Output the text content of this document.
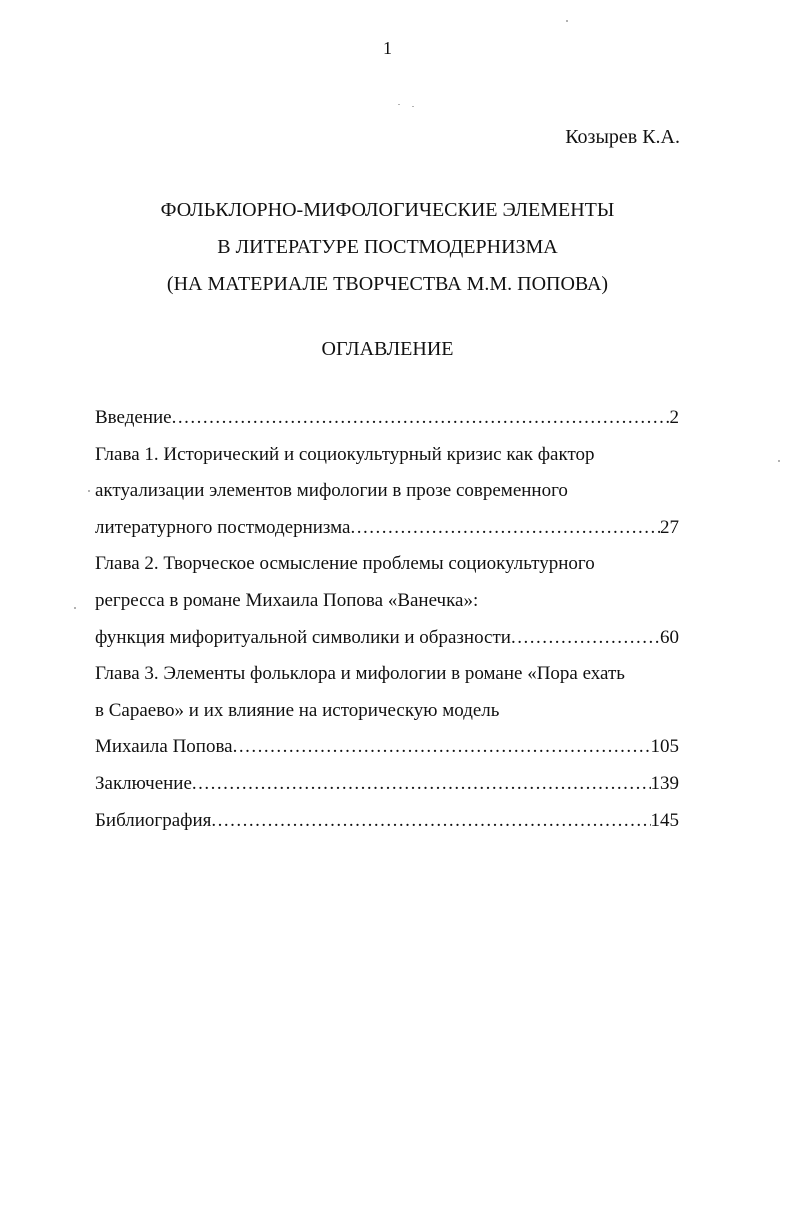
1
Козырев К.А.
ФОЛЬКЛОРНО-МИФОЛОГИЧЕСКИЕ ЭЛЕМЕНТЫ
В ЛИТЕРАТУРЕ ПОСТМОДЕРНИЗМА
(НА МАТЕРИАЛЕ ТВОРЧЕСТВА М.М. ПОПОВА)
ОГЛАВЛЕНИЕ
Введение .....	2
Глава 1. Исторический и социокультурный кризис как фактор
актуализации элементов мифологии в прозе современного
литературного постмодернизма .....	27
Глава 2. Творческое осмысление проблемы социокультурного
регресса в романе Михаила Попова «Ванечка»:
функция мифоритуальной символики и образности .....	60
Глава 3. Элементы фольклора и мифологии в романе «Пора ехать
в Сараево» и их влияние на историческую модель
Михаила Попова .....	105
Заключение .....	139
Библиография .....	145
